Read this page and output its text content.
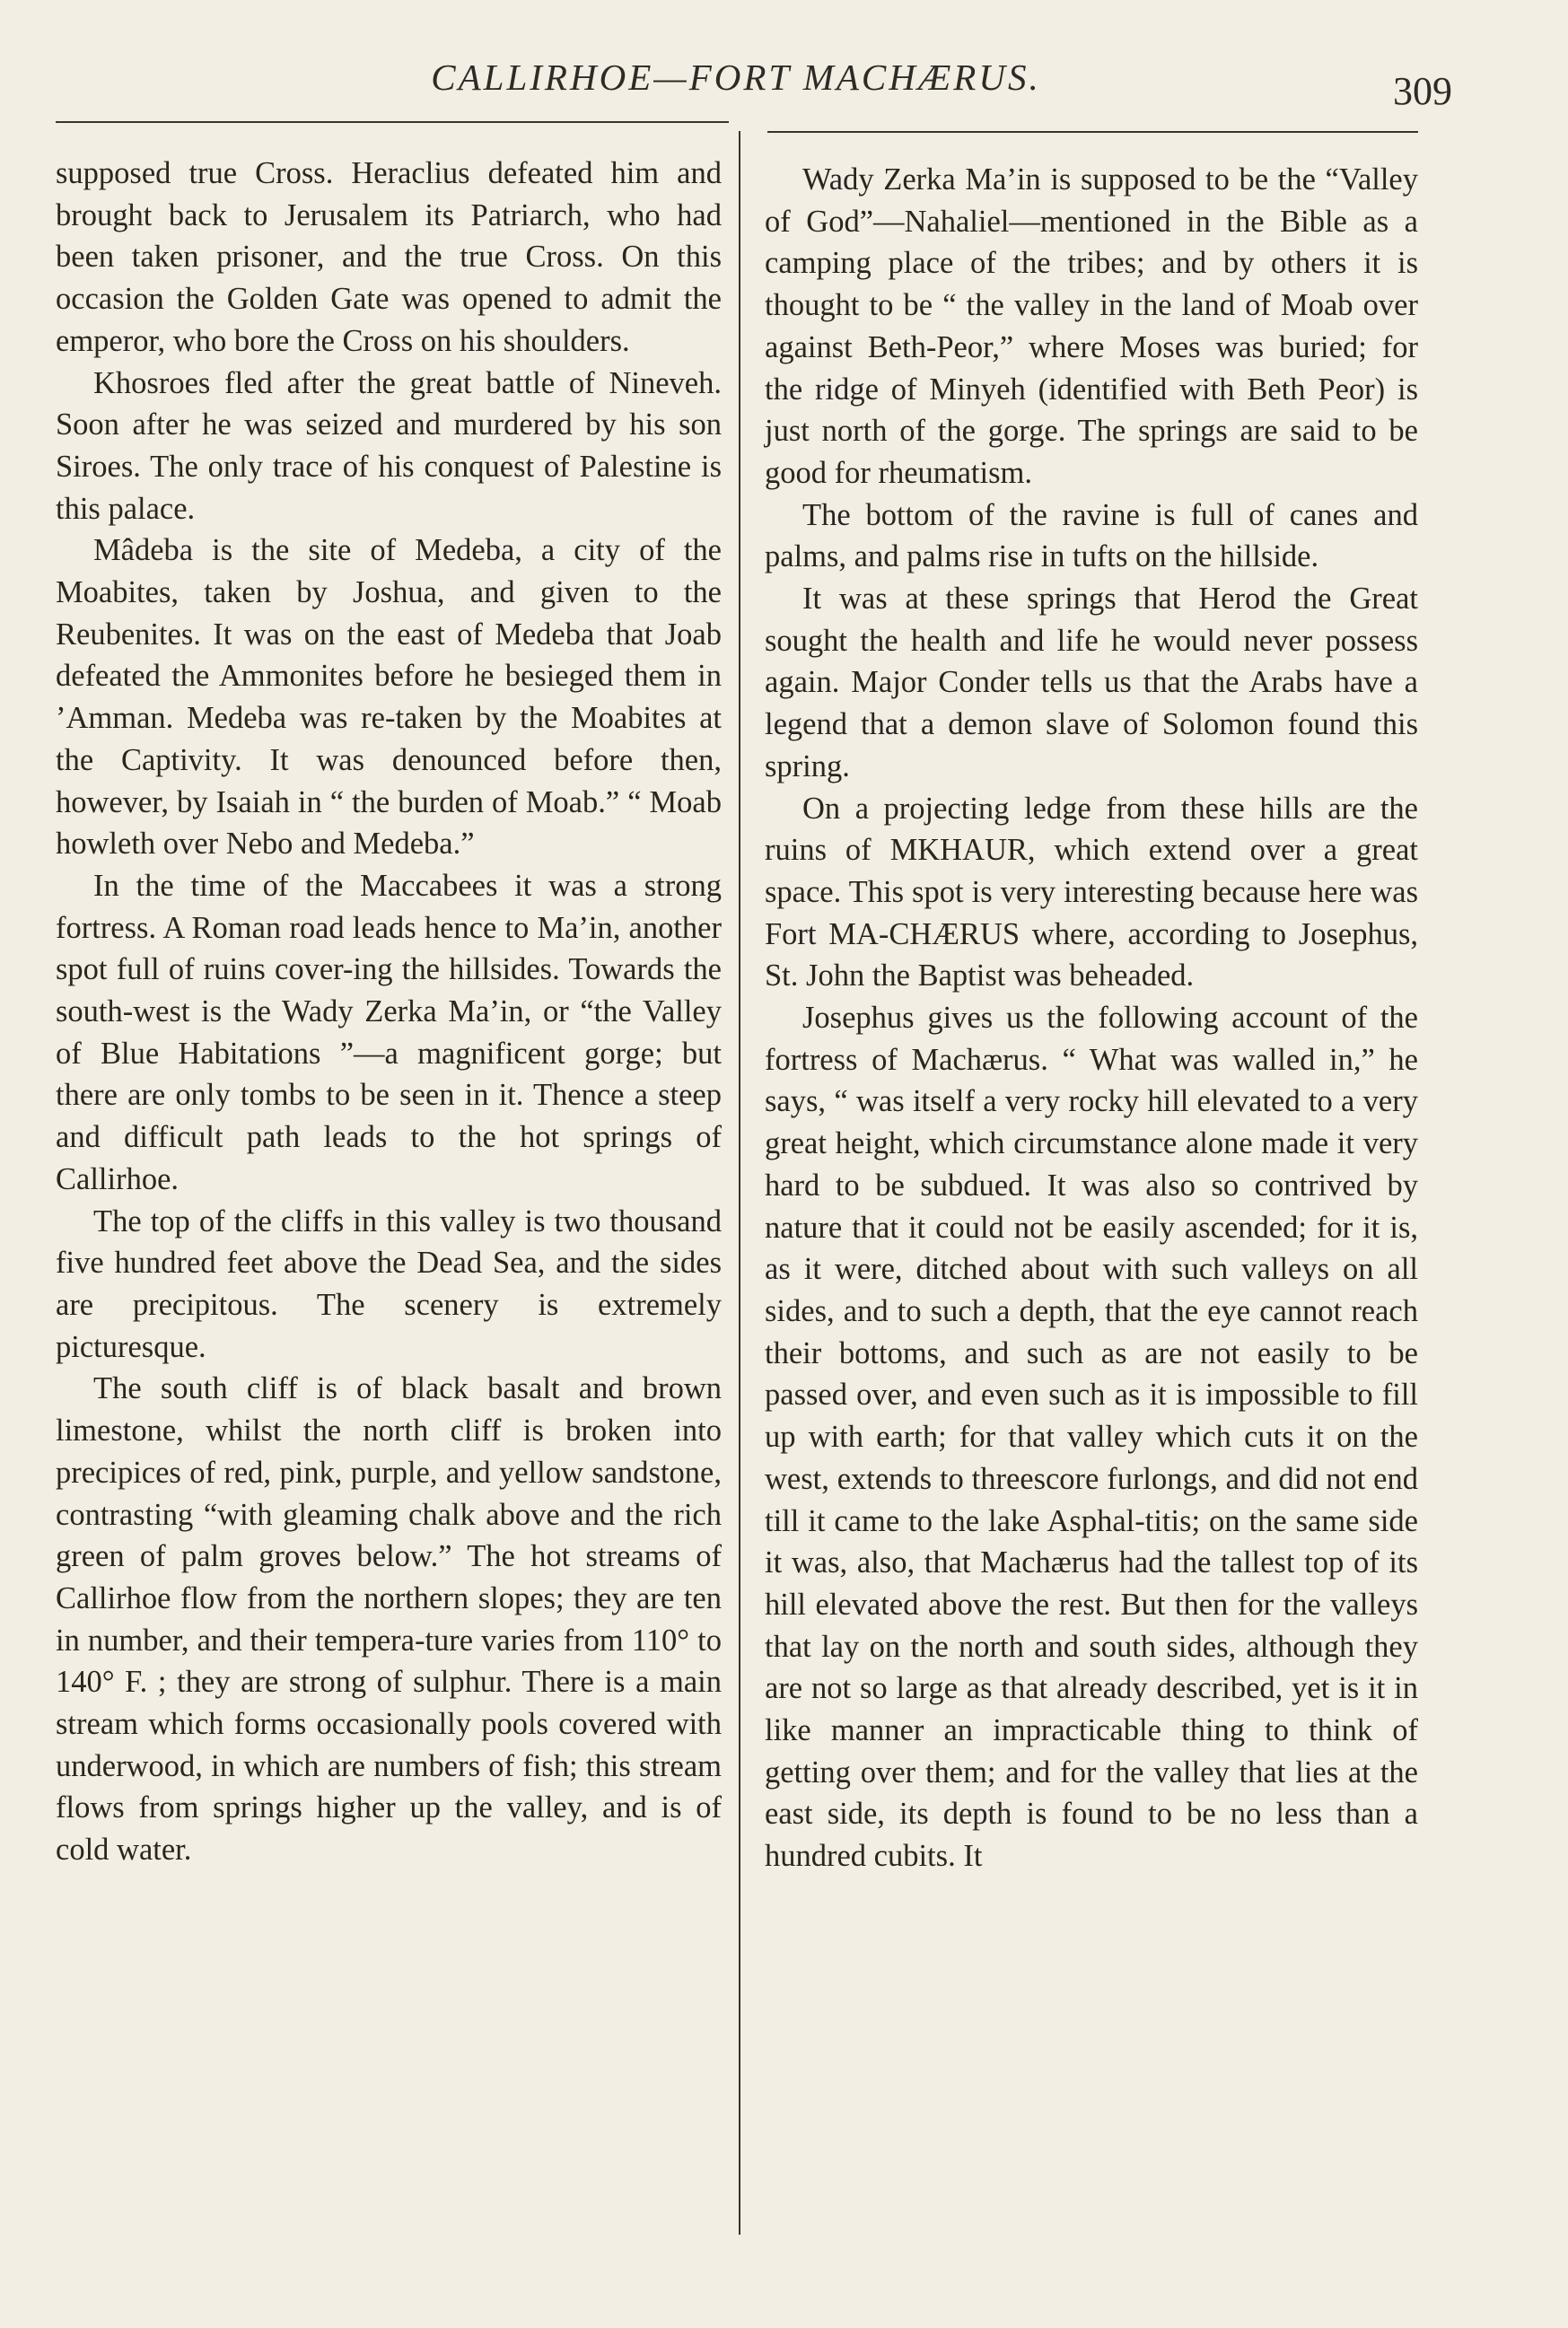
CALLIRHOE—FORT MACHÆRUS.	309

supposed true Cross. Heraclius defeated him and brought back to Jerusalem its Patriarch, who had been taken prisoner, and the true Cross. On this occasion the Golden Gate was opened to admit the emperor, who bore the Cross on his shoulders.

Khosroes fled after the great battle of Nineveh. Soon after he was seized and murdered by his son Siroes. The only trace of his conquest of Palestine is this palace.

Mâdeba is the site of Medeba, a city of the Moabites, taken by Joshua, and given to the Reubenites. It was on the east of Medeba that Joab defeated the Ammonites before he besieged them in ’Amman. Medeba was re-taken by the Moabites at the Captivity. It was denounced before then, however, by Isaiah in “ the burden of Moab.” “ Moab howleth over Nebo and Medeba.”

In the time of the Maccabees it was a strong fortress. A Roman road leads hence to Ma’in, another spot full of ruins cover-ing the hillsides. Towards the south-west is the Wady Zerka Ma’in, or “the Valley of Blue Habitations ”—a magnificent gorge; but there are only tombs to be seen in it. Thence a steep and difficult path leads to the hot springs of Callirhoe.

The top of the cliffs in this valley is two thousand five hundred feet above the Dead Sea, and the sides are precipitous. The scenery is extremely picturesque.

The south cliff is of black basalt and brown limestone, whilst the north cliff is broken into precipices of red, pink, purple, and yellow sandstone, contrasting “with gleaming chalk above and the rich green of palm groves below.” The hot streams of Callirhoe flow from the northern slopes; they are ten in number, and their tempera-ture varies from 110° to 140° F. ; they are strong of sulphur. There is a main stream which forms occasionally pools covered with underwood, in which are numbers of fish; this stream flows from springs higher up the valley, and is of cold water.

Wady Zerka Ma’in is supposed to be the “Valley of God”—Nahaliel—mentioned in the Bible as a camping place of the tribes; and by others it is thought to be “ the valley in the land of Moab over against Beth-Peor,” where Moses was buried; for the ridge of Minyeh (identified with Beth Peor) is just north of the gorge. The springs are said to be good for rheumatism.

The bottom of the ravine is full of canes and palms, and palms rise in tufts on the hillside.

It was at these springs that Herod the Great sought the health and life he would never possess again. Major Conder tells us that the Arabs have a legend that a demon slave of Solomon found this spring.

On a projecting ledge from these hills are the ruins of MKHAUR, which extend over a great space. This spot is very interesting because here was Fort MA-CHÆRUS where, according to Josephus, St. John the Baptist was beheaded.

Josephus gives us the following account of the fortress of Machærus. “ What was walled in,” he says, “ was itself a very rocky hill elevated to a very great height, which circumstance alone made it very hard to be subdued. It was also so contrived by nature that it could not be easily ascended; for it is, as it were, ditched about with such valleys on all sides, and to such a depth, that the eye cannot reach their bottoms, and such as are not easily to be passed over, and even such as it is impossible to fill up with earth; for that valley which cuts it on the west, extends to threescore furlongs, and did not end till it came to the lake Asphal-titis; on the same side it was, also, that Machærus had the tallest top of its hill elevated above the rest. But then for the valleys that lay on the north and south sides, although they are not so large as that already described, yet is it in like manner an impracticable thing to think of getting over them; and for the valley that lies at the east side, its depth is found to be no less than a hundred cubits. It
